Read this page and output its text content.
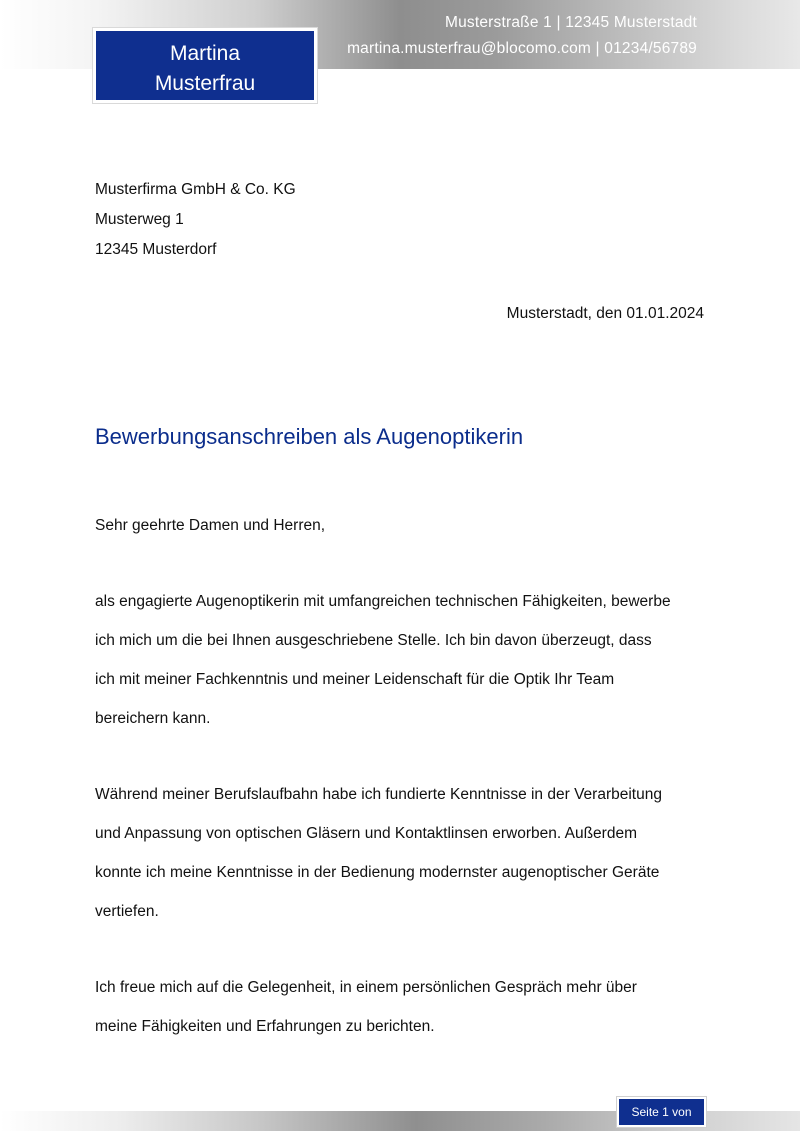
Martina
Musterfrau
Musterstraße 1 | 12345 Musterstadt
martina.musterfrau@blocomo.com | 01234/56789
Musterfirma GmbH & Co. KG
Musterweg 1
12345 Musterdorf
Musterstadt, den 01.01.2024
Bewerbungsanschreiben als Augenoptikerin
Sehr geehrte Damen und Herren,

als engagierte Augenoptikerin mit umfangreichen technischen Fähigkeiten, bewerbe
ich mich um die bei Ihnen ausgeschriebene Stelle. Ich bin davon überzeugt, dass
ich mit meiner Fachkenntnis und meiner Leidenschaft für die Optik Ihr Team
bereichern kann.

Während meiner Berufslaufbahn habe ich fundierte Kenntnisse in der Verarbeitung
und Anpassung von optischen Gläsern und Kontaktlinsen erworben. Außerdem
konnte ich meine Kenntnisse in der Bedienung modernster augenoptischer Geräte
vertiefen.

Ich freue mich auf die Gelegenheit, in einem persönlichen Gespräch mehr über
meine Fähigkeiten und Erfahrungen zu berichten.

Seite 1 von
